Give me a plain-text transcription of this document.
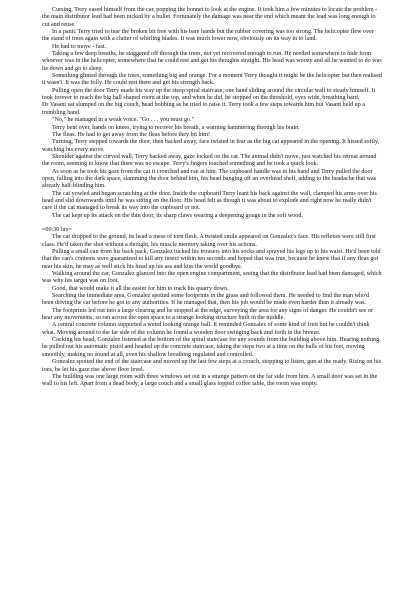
Cursing, Terry eased himself from the car, popping the bonnet to look at the engine. It took him a few minutes to locate the problem - the main distributor lead had been nicked by a bullet. Fortunately the damage was near the end which meant the lead was long enough to cut and reuse.

In a panic Terry tried to tear the broken bit free with his bare hands but the rubber covering was too strong. The helicopter flew over the stand of trees again with a clatter of whirling blades. It was much lower now, obviously on its way in to land.

He had to move - fast.

Taking a few deep breaths, he staggered off through the trees, not yet recovered enough to run. He needed somewhere to hide from whoever was in the helicopter, somewhere that he could rest and get his thoughts straight. His head was woozy and all he wanted to do was lie down and go to sleep.

Something glinted through the trees, something big and orange. For a moment Terry thought it might be the helicopter but then realised it wasn't. It was the folly. He could rest there and get his strength back.

Pulling open the door Terry made his way up the steep spiral staircase, one hand sliding around the circular wall to steady himself. It took forever to reach the big ball shaped room at the top, and when he did, he stopped on the threshold, eyes wide, breathing hard.

Dr Vasant sat slumped on the big couch, head bobbing as he tried to raise it. Terry took a few steps towards him but Vasant held up a trembling hand.

"No," he managed in a weak voice. "Go . . . you must go."

Terry bent over, hands on knees, trying to recover his breath, a warning hammering through his brain.

The fleas. He had to get away from the fleas before they bit him!

Turning, Terry stepped towards the door, then backed away, face twisted in fear as the big cat appeared in the opening. It hissed softly, watching his every move.

Shoulder against the curved wall, Terry backed away, gaze locked on the cat. The animal didn't move, just watched his retreat around the room, seeming to know that there was no escape. Terry's fingers touched something and he took a quick look.

As soon as he took his gaze from the cat it crouched and ran at him. The cupboard handle was in his hand and Terry pulled the door open, falling into the dark space, slamming the door behind him, his head banging off an overhead shelf, adding to the headache that was already half-blinding him.

The cat yowled and began scratching at the door. Inside the cupboard Terry leant his back against the wall, clamped his arms over his head and slid downwards until he was sitting on the floor. His head felt as though it was about to explode and right now he really didn't care if the cat managed to break its way into the cupboard or not.

The cat kept up its attack on the thin door, its sharp claws wearing a deepening gouge in the soft wood.

=09:30 hrs=

The cat dropped to the ground, its head a mess of torn flesh. A twisted smile appeared on Gonzalez's face. His reflexes were still first class. He'd taken the shot without a thought, his muscle memory taking over his actions.

Pulling a small can from his back pack, Gonzalez tucked his trousers into his socks and sprayed his legs up to his waist. He'd been told that the can's contents were guaranteed to kill any insect within ten seconds and hoped that was true, because he knew that if any fleas got near his skin, he may as well stick his head up his ass and kiss the world goodbye.

Walking around the car, Gonzalez glanced into the open engine compartment, seeing that the distributor lead had been damaged, which was why his target was on foot.

Good, that would make it all the easier for him to track his quarry down.

Searching the immediate area, Gonzalez spotted some footprints in the grass and followed them. He needed to find the man who'd been driving the car before he got to any authorities. If he managed that, then his job would be made even harder than it already was.

The footprints led out into a large clearing and he stopped at the edge, surveying the area for any signs of danger. He couldn't see or hear any movements, so ran across the open space to a strange looking structure built in the middle.

A central concrete column supported a weird looking orange ball. It reminded Gonzalez of some kind of fruit but he couldn't think what. Moving around to the far side of the column he found a wooden door swinging back and forth in the breeze.

Cocking his head, Gonzalez listened at the bottom of the spiral staircase for any sounds from the building above him. Hearing nothing, he pulled out his automatic pistol and headed up the concrete staircase, taking the steps two at a time on the balls of his feet, moving smoothly, making no sound at all, even his shallow breathing regulated and controlled.

Gonzalez spotted the end of the staircase and moved up the last few steps at a crouch, stopping to listen, gun at the ready. Rising on his toes, he let his gaze rise above floor level.

The building was one large room with three windows set out in a strange pattern on the far side from him. A small door was set in the wall to his left. Apart from a dead body, a large couch and a small glass topped coffee table, the room was empty.
